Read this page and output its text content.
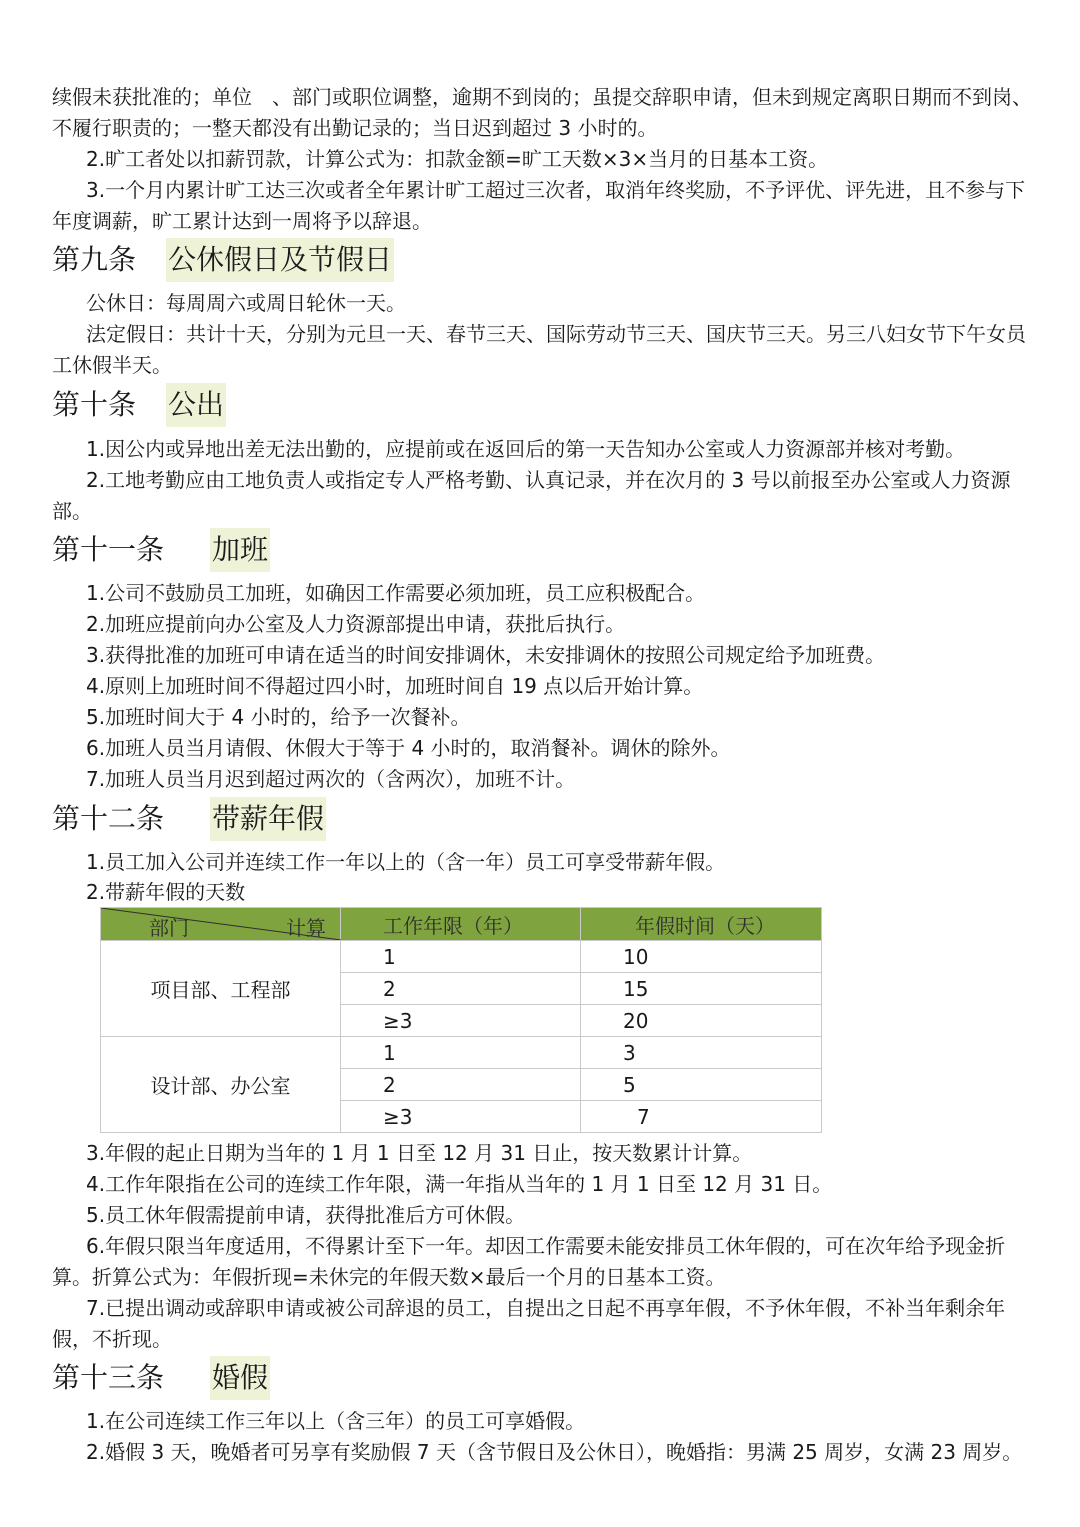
续假未获批准的；单位　、部门或职位调整，逾期不到岗的；虽提交辞职申请，但未到规定离职日期而不到岗、不履行职责的；一整天都没有出勤记录的；当日迟到超过 3 小时的。

2.旷工者处以扣薪罚款，计算公式为：扣款金额=旷工天数×3×当月的日基本工资。

3.一个月内累计旷工达三次或者全年累计旷工超过三次者，取消年终奖励，不予评优、评先进，且不参与下年度调薪，旷工累计达到一周将予以辞退。

第九条 公休假日及节假日

公休日：每周周六或周日轮休一天。

法定假日：共计十天，分别为元旦一天、春节三天、国际劳动节三天、国庆节三天。另三八妇女节下午女员工休假半天。

第十条 公出

1.因公内或异地出差无法出勤的，应提前或在返回后的第一天告知办公室或人力资源部并核对考勤。

2.工地考勤应由工地负责人或指定专人严格考勤、认真记录，并在次月的 3 号以前报至办公室或人力资源部。

第十一条 加班

1.公司不鼓励员工加班，如确因工作需要必须加班，员工应积极配合。

2.加班应提前向办公室及人力资源部提出申请，获批后执行。

3.获得批准的加班可申请在适当的时间安排调休，未安排调休的按照公司规定给予加班费。

4.原则上加班时间不得超过四小时，加班时间自 19 点以后开始计算。

5.加班时间大于 4 小时的，给予一次餐补。

6.加班人员当月请假、休假大于等于 4 小时的，取消餐补。调休的除外。

7.加班人员当月迟到超过两次的（含两次），加班不计。

第十二条 带薪年假

1.员工加入公司并连续工作一年以上的（含一年）员工可享受带薪年假。

2.带薪年假的天数

部门 计算	工作年限（年）	年假时间（天）
项目部、工程部	1	10
	2	15
	≥3	20
设计部、办公室	1	3
	2	5
	≥3	7

3.年假的起止日期为当年的 1 月 1 日至 12 月 31 日止，按天数累计计算。

4.工作年限指在公司的连续工作年限，满一年指从当年的 1 月 1 日至 12 月 31 日。

5.员工休年假需提前申请，获得批准后方可休假。

6.年假只限当年度适用，不得累计至下一年。却因工作需要未能安排员工休年假的，可在次年给予现金折算。折算公式为：年假折现=未休完的年假天数×最后一个月的日基本工资。

7.已提出调动或辞职申请或被公司辞退的员工，自提出之日起不再享年假，不予休年假，不补当年剩余年假，不折现。

第十三条 婚假

1.在公司连续工作三年以上（含三年）的员工可享婚假。

2.婚假 3 天，晚婚者可另享有奖励假 7 天（含节假日及公休日），晚婚指：男满 25 周岁，女满 23 周岁。
